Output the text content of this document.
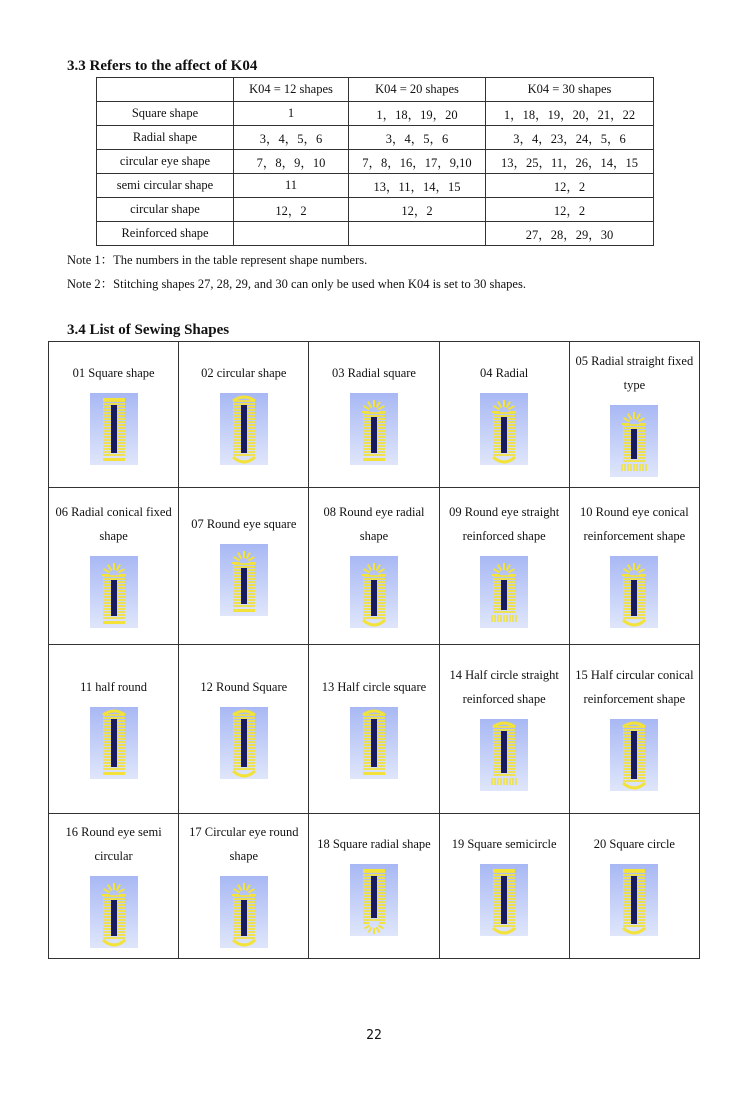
3.3 Refers to the affect of K04
	K04 = 12 shapes	K04 = 20 shapes	K04 = 30 shapes
Square shape	1	1，18，19，20	1，18，19，20，21，22
Radial shape	3，4，5，6	3，4，5，6	3，4，23，24，5，6
circular eye shape	7，8，9，10	7，8，16，17，9,10	13，25，11，26，14，15
semi circular shape	11	13，11，14，15	12，2
circular shape	12，2	12，2	12，2
Reinforced shape			27，28，29，30

Note 1：The numbers in the table represent shape numbers.

Note 2：Stitching shapes 27, 28, 29, and 30 can only be used when K04 is set to 30 shapes.

3.4 List of Sewing Shapes
01 Square shape	02 circular shape	03 Radial square	04 Radial	05 Radial straight fixed type

06 Radial conical fixed shape	07 Round eye square	08 Round eye radial shape	09 Round eye straight reinforced shape	10 Round eye conical reinforcement shape

11 half round	12 Round Square	13 Half circle square	14 Half circle straight reinforced shape	15 Half circular conical reinforcement shape

16 Round eye semi circular	17 Circular eye round shape	18 Square radial shape	19 Square semicircle	20 Square circle
22
